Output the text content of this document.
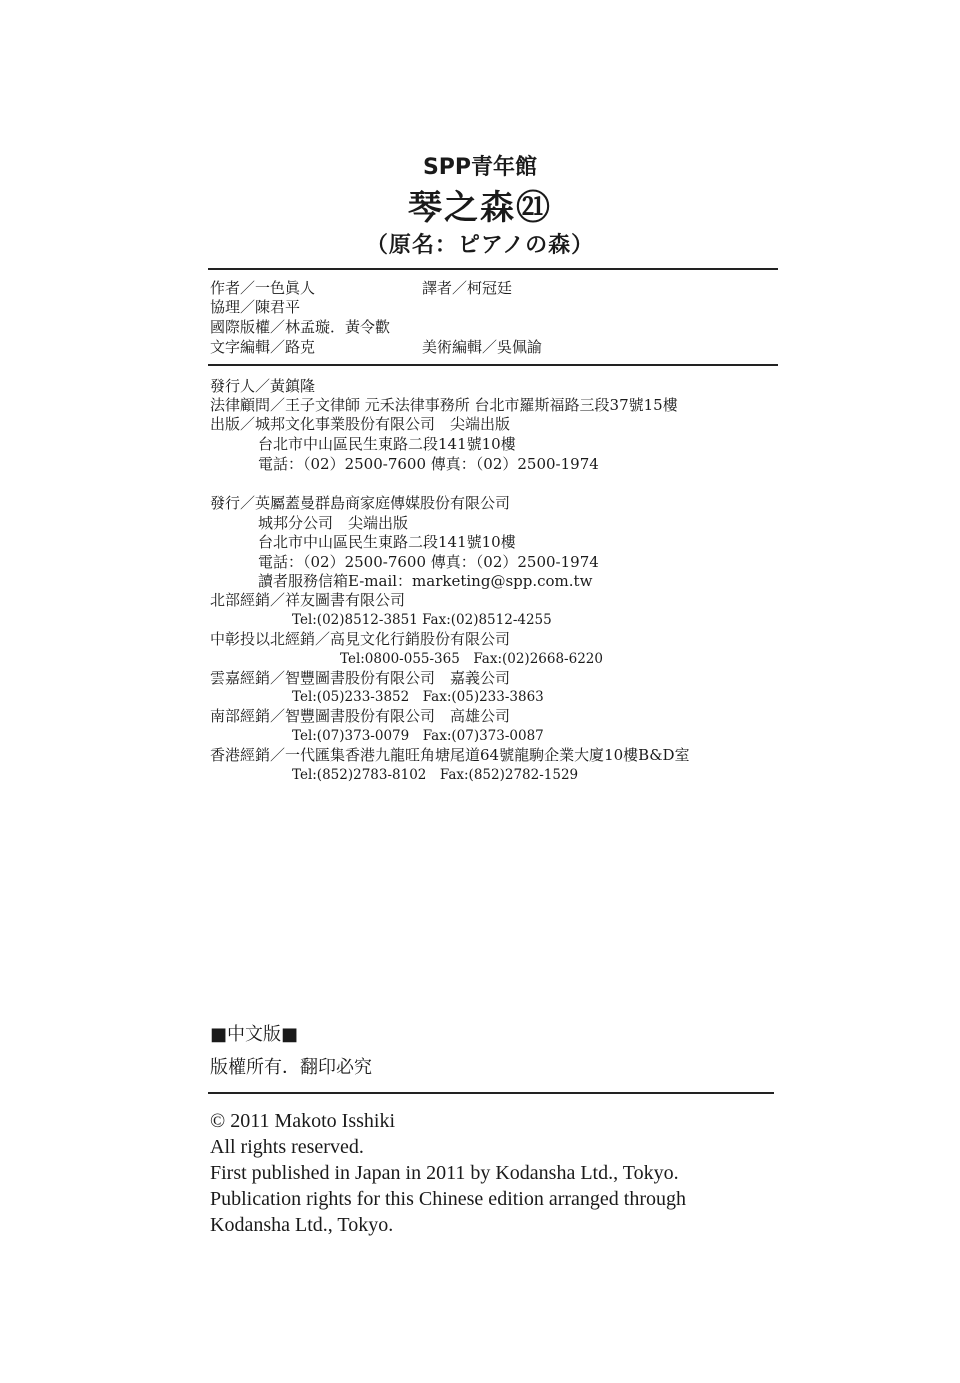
SPP青年館
琴之森㉑
（原名：ピアノの森）
作者／一色眞人	譯者／柯冠廷
協理／陳君平
國際版權／林孟璇．黃令歡
文字編輯／路克	美術編輯／吳佩諭
發行人／黃鎮隆
法律顧問／王子文律師 元禾法律事務所 台北市羅斯福路三段37號15樓
出版／城邦文化事業股份有限公司　尖端出版
台北市中山區民生東路二段141號10樓
電話：（02）2500-7600 傳真：（02）2500-1974
發行／英屬蓋曼群島商家庭傳媒股份有限公司
城邦分公司　尖端出版
台北市中山區民生東路二段141號10樓
電話：（02）2500-7600 傳真：（02）2500-1974
讀者服務信箱E-mail：marketing@spp.com.tw
北部經銷／祥友圖書有限公司
Tel:(02)8512-3851 Fax:(02)8512-4255
中彰投以北經銷／高見文化行銷股份有限公司
Tel:0800-055-365　Fax:(02)2668-6220
雲嘉經銷／智豐圖書股份有限公司　嘉義公司
Tel:(05)233-3852　Fax:(05)233-3863
南部經銷／智豐圖書股份有限公司　高雄公司
Tel:(07)373-0079　Fax:(07)373-0087
香港經銷／一代匯集香港九龍旺角塘尾道64號龍駒企業大廈10樓B&D室
Tel:(852)2783-8102　Fax:(852)2782-1529
■中文版■
版權所有．翻印必究
© 2011 Makoto Isshiki
All rights reserved.
First published in Japan in 2011 by Kodansha Ltd., Tokyo.
Publication rights for this Chinese edition arranged through
Kodansha Ltd., Tokyo.
